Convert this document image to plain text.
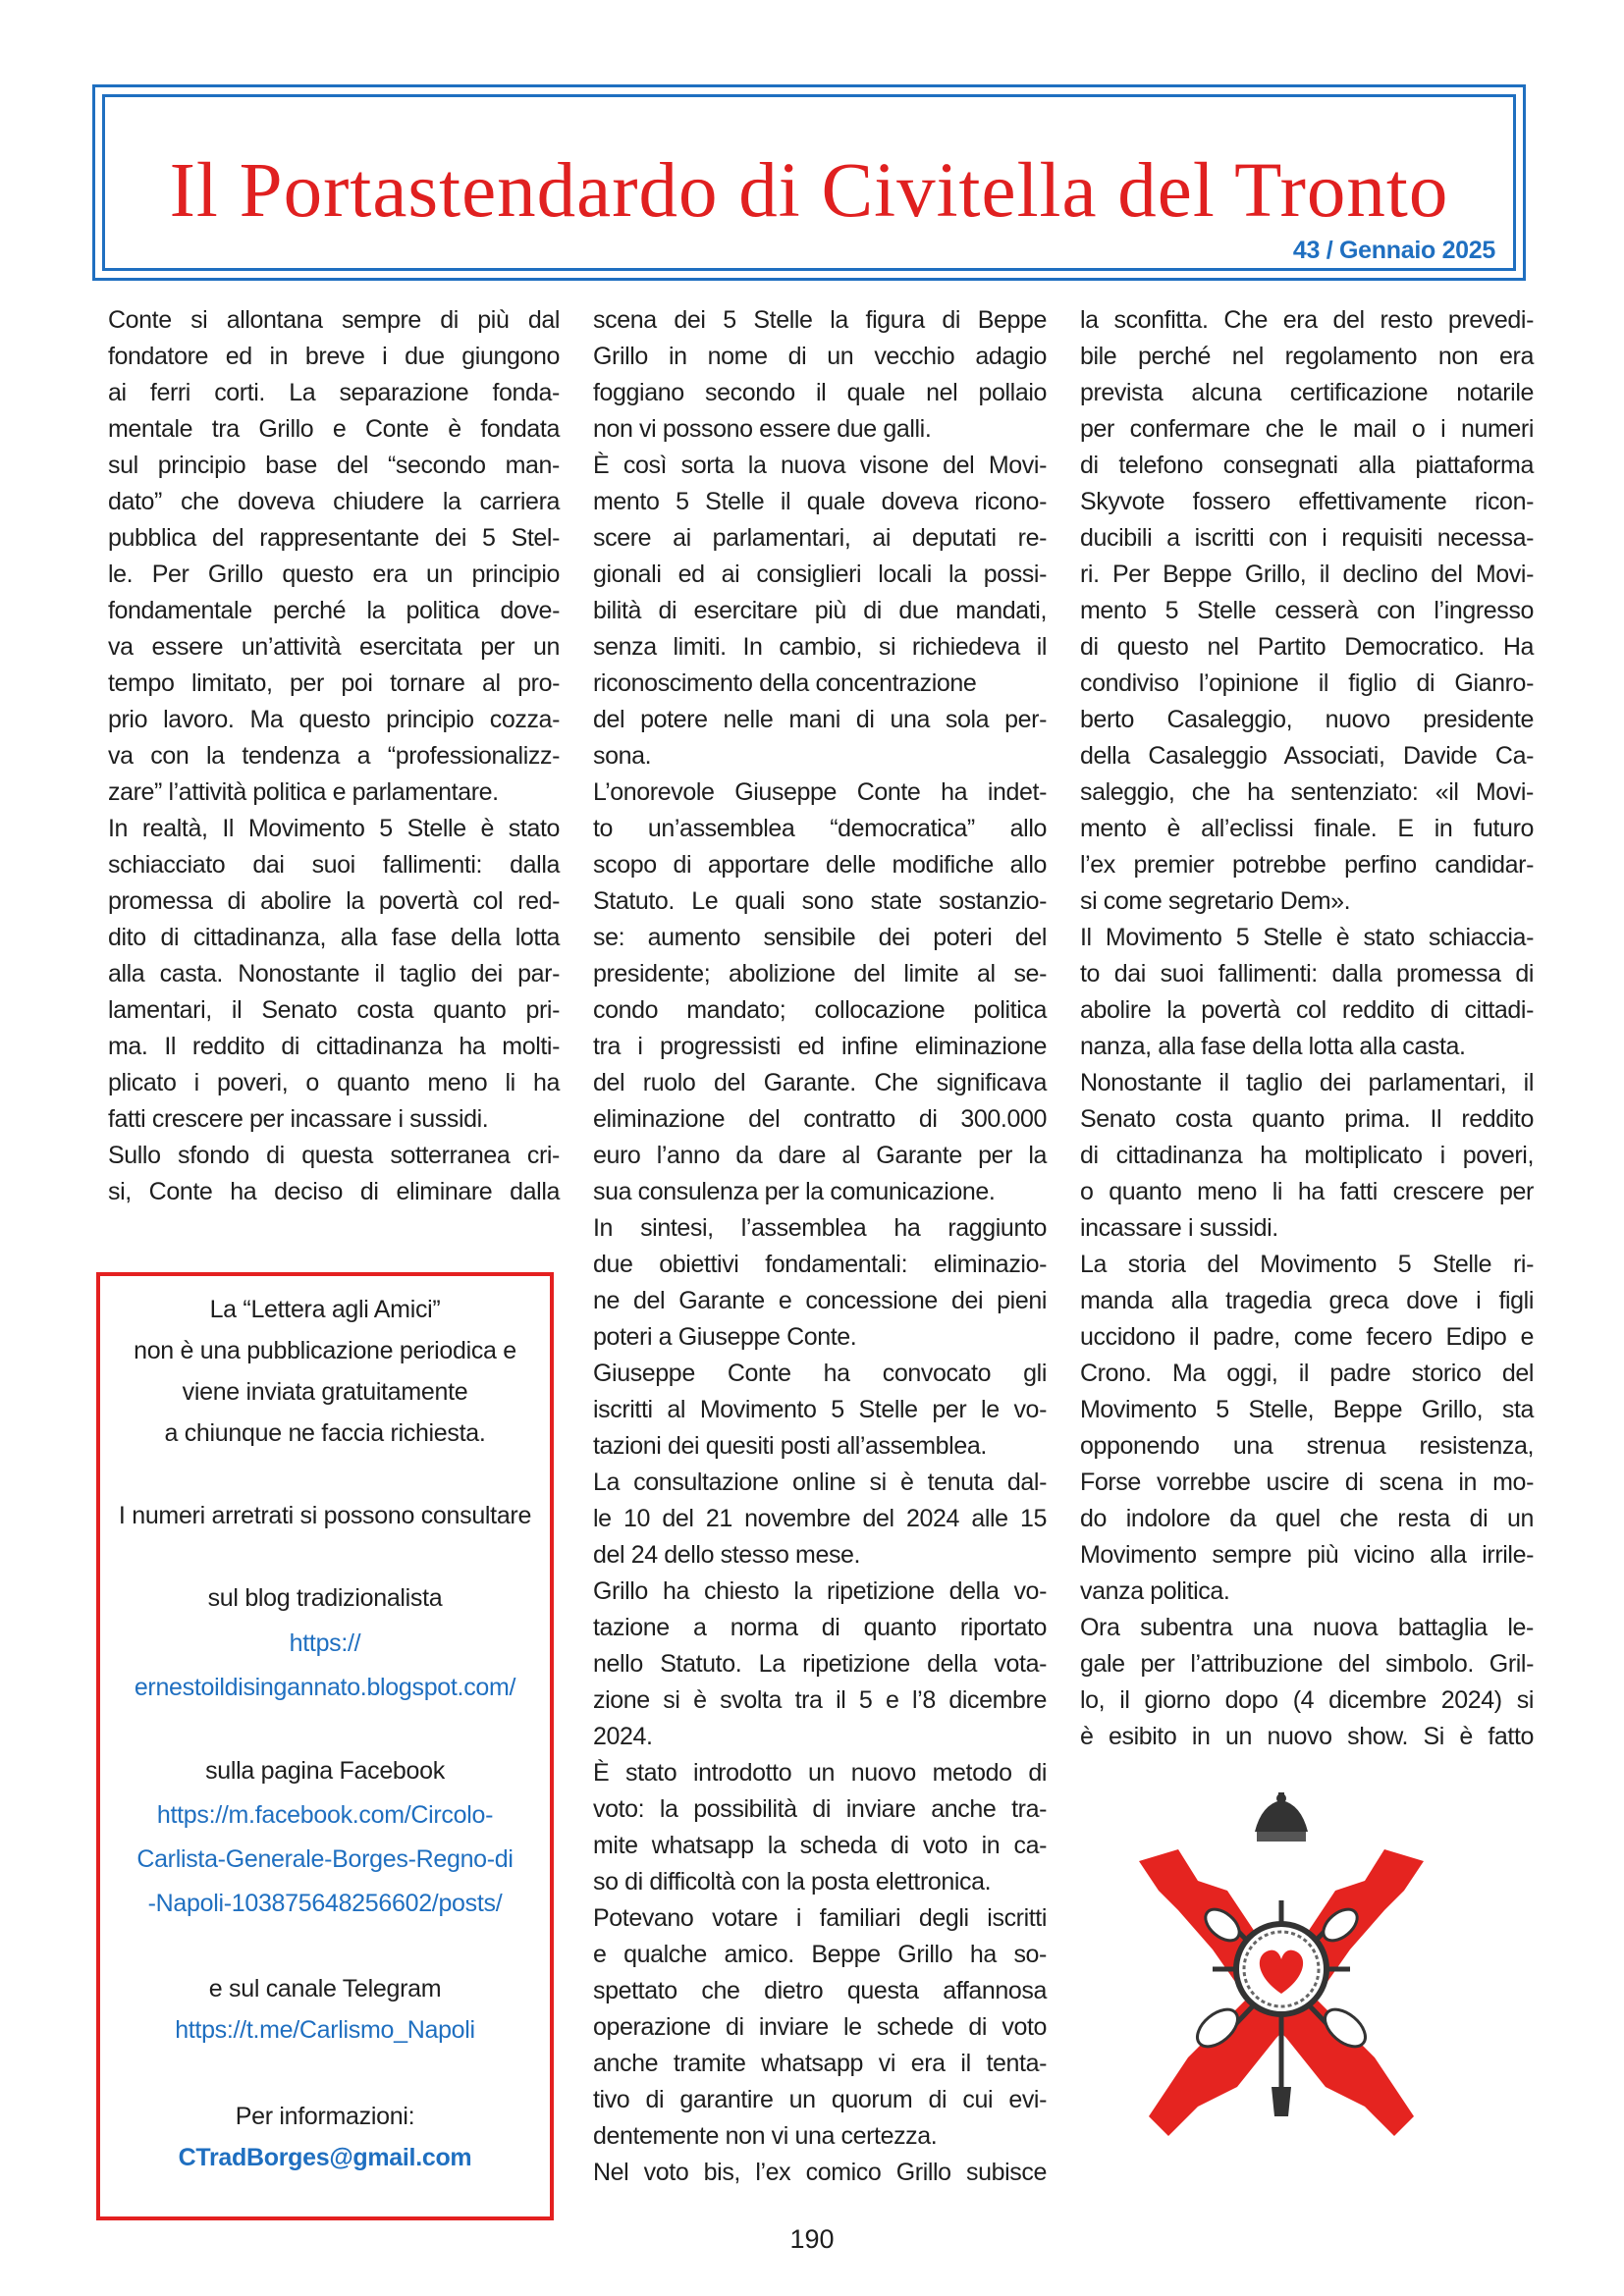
Il Portastendardo di Civitella del Tronto
43 / Gennaio 2025

Conte si allontana sempre di più dal

fondatore ed in breve i due giungono

ai ferri corti. La separazione fonda-

mentale tra Grillo e Conte è fondata

sul principio base del “secondo man-

dato” che doveva chiudere la carriera

pubblica del rappresentante dei 5 Stel-

le. Per Grillo questo era un principio

fondamentale perché la politica dove-

va essere un’attività esercitata per un

tempo limitato, per poi tornare al pro-

prio lavoro. Ma questo principio cozza-

va con la tendenza a “professionalizz-

zare” l’attività politica e parlamentare.

In realtà, Il Movimento 5 Stelle è stato

schiacciato dai suoi fallimenti: dalla

promessa di abolire la povertà col red-

dito di cittadinanza, alla fase della lotta

alla casta. Nonostante il taglio dei par-

lamentari, il Senato costa quanto pri-

ma. Il reddito di cittadinanza ha molti-

plicato i poveri, o quanto meno li ha

fatti crescere per incassare i sussidi.

Sullo sfondo di questa sotterranea cri-

si, Conte ha deciso di eliminare dalla

scena dei 5 Stelle la figura di Beppe

Grillo in nome di un vecchio adagio

foggiano secondo il quale nel pollaio

non vi possono essere due galli.

È così sorta la nuova visone del Movi-

mento 5 Stelle il quale doveva ricono-

scere ai parlamentari, ai deputati re-

gionali ed ai consiglieri locali la possi-

bilità di esercitare più di due mandati,

senza limiti. In cambio, si richiedeva il

riconoscimento della concentrazione

del potere nelle mani di una sola per-

sona.

L’onorevole Giuseppe Conte ha indet-

to un’assemblea “democratica” allo

scopo di apportare delle modifiche allo

Statuto. Le quali sono state sostanzio-

se: aumento sensibile dei poteri del

presidente; abolizione del limite al se-

condo mandato; collocazione politica

tra i progressisti ed infine eliminazione

del ruolo del Garante. Che significava

eliminazione del contratto di 300.000

euro l’anno da dare al Garante per la

sua consulenza per la comunicazione.

In sintesi, l’assemblea ha raggiunto

due obiettivi fondamentali: eliminazio-

ne del Garante e concessione dei pieni

poteri a Giuseppe Conte.

Giuseppe Conte ha convocato gli

iscritti al Movimento 5 Stelle per le vo-

tazioni dei quesiti posti all’assemblea.

La consultazione online si è tenuta dal-

le 10 del 21 novembre del 2024 alle 15

del 24 dello stesso mese.

Grillo ha chiesto la ripetizione della vo-

tazione a norma di quanto riportato

nello Statuto. La ripetizione della vota-

zione si è svolta tra il 5 e l’8 dicembre

2024.

È stato introdotto un nuovo metodo di

voto: la possibilità di inviare anche tra-

mite whatsapp la scheda di voto in ca-

so di difficoltà con la posta elettronica.

Potevano votare i familiari degli iscritti

e qualche amico. Beppe Grillo ha so-

spettato che dietro questa affannosa

operazione di inviare le schede di voto

anche tramite whatsapp vi era il tenta-

tivo di garantire un quorum di cui evi-

dentemente non vi una certezza.

Nel voto bis, l’ex comico Grillo subisce

la sconfitta. Che era del resto prevedi-

bile perché nel regolamento non era

prevista alcuna certificazione notarile

per confermare che le mail o i numeri

di telefono consegnati alla piattaforma

Skyvote fossero effettivamente ricon-

ducibili a iscritti con i requisiti necessa-

ri. Per Beppe Grillo, il declino del Movi-

mento 5 Stelle cesserà con l’ingresso

di questo nel Partito Democratico. Ha

condiviso l’opinione il figlio di Gianro-

berto Casaleggio, nuovo presidente

della Casaleggio Associati, Davide Ca-

saleggio, che ha sentenziato: «il Movi-

mento è all’eclissi finale. E in futuro

l’ex premier potrebbe perfino candidar-

si come segretario Dem».

Il Movimento 5 Stelle è stato schiaccia-

to dai suoi fallimenti: dalla promessa di

abolire la povertà col reddito di cittadi-

nanza, alla fase della lotta alla casta.

Nonostante il taglio dei parlamentari, il

Senato costa quanto prima. Il reddito

di cittadinanza ha moltiplicato i poveri,

o quanto meno li ha fatti crescere per

incassare i sussidi.

La storia del Movimento 5 Stelle ri-

manda alla tragedia greca dove i figli

uccidono il padre, come fecero Edipo e

Crono. Ma oggi, il padre storico del

Movimento 5 Stelle, Beppe Grillo, sta

opponendo una strenua resistenza,

Forse vorrebbe uscire di scena in mo-

do indolore da quel che resta di un

Movimento sempre più vicino alla irrile-

vanza politica.

Ora subentra una nuova battaglia le-

gale per l’attribuzione del simbolo. Gril-

lo, il giorno dopo (4 dicembre 2024) si

è esibito in un nuovo show. Si è fatto

La “Lettera agli Amici”
non è una pubblicazione periodica e
viene inviata gratuitamente
a chiunque ne faccia richiesta.
I numeri arretrati si possono consultare
sul blog tradizionalista
https://
ernestoildisingannato.blogspot.com/
sulla pagina Facebook
https://m.facebook.com/Circolo-
Carlista-Generale-Borges-Regno-di
-Napoli-103875648256602/posts/
e sul canale Telegram
https://t.me/Carlismo_Napoli
Per informazioni:
CTradBorges@gmail.com
190
